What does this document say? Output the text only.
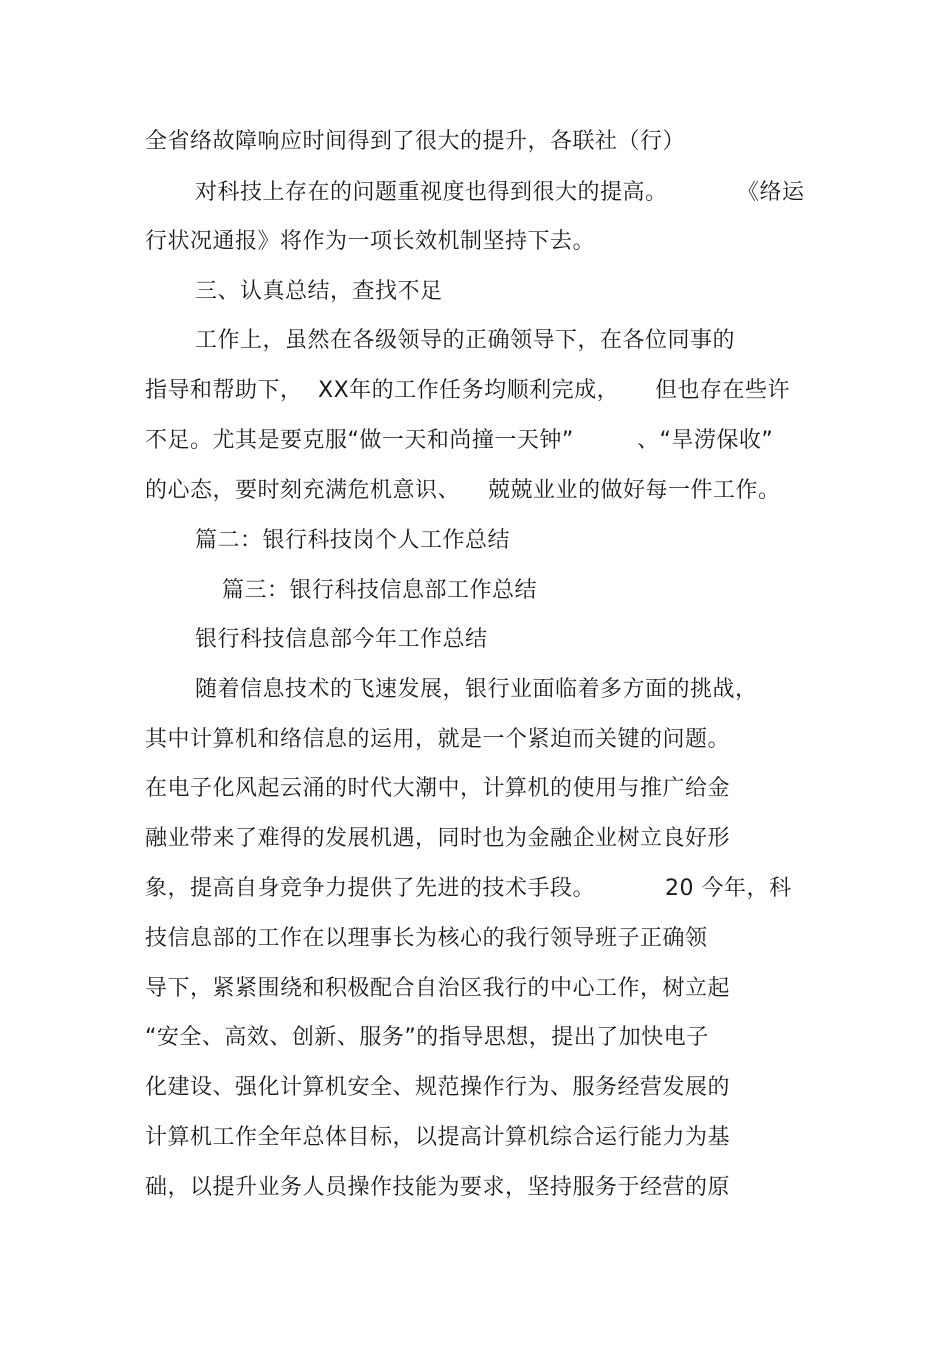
全省络故障响应时间得到了很大的提升，各联社（行）

对科技上存在的问题重视度也得到很大的提高。	《络运

行状况通报》将作为一项长效机制坚持下去。

三、认真总结，查找不足

工作上，虽然在各级领导的正确领导下，在各位同事的

指导和帮助下， XX年的工作任务均顺利完成， 但也存在些许

不足。尤其是要克服“做一天和尚撞一天钟”	、“旱涝保收”

的心态，要时刻充满危机意识、 兢兢业业的做好每一件工作。

篇二：银行科技岗个人工作总结

篇三：银行科技信息部工作总结

银行科技信息部今年工作总结

随着信息技术的飞速发展，银行业面临着多方面的挑战，

其中计算机和络信息的运用，就是一个紧迫而关键的问题。

在电子化风起云涌的时代大潮中，计算机的使用与推广给金

融业带来了难得的发展机遇，同时也为金融企业树立良好形

象，提高自身竞争力提供了先进的技术手段。	20 今年，科

技信息部的工作在以理事长为核心的我行领导班子正确领

导下，紧紧围绕和积极配合自治区我行的中心工作，树立起

“安全、高效、创新、服务”的指导思想，提出了加快电子

化建设、强化计算机安全、规范操作行为、服务经营发展的

计算机工作全年总体目标，以提高计算机综合运行能力为基

础，以提升业务人员操作技能为要求，坚持服务于经营的原
